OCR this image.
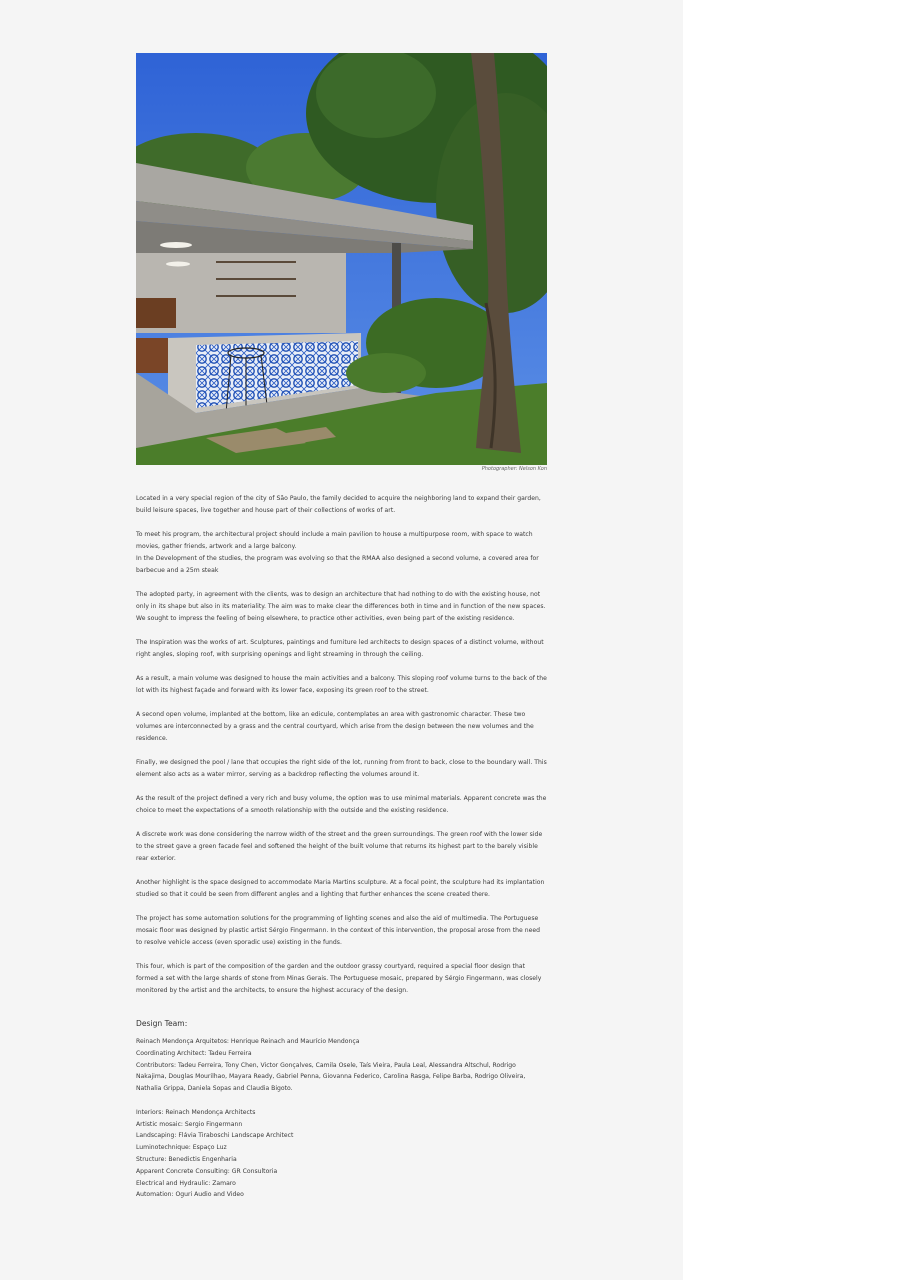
Photographer: Nelson Kon

Located in a very special region of the city of São Paulo, the family decided to acquire the neighboring land to expand their garden, build leisure spaces, live together and house part of their collections of works of art.

To meet his program, the architectural project should include a main pavilion to house a multipurpose room, with space to watch movies, gather friends, artwork and a large balcony.
In the Development of the studies, the program was evolving so that the RMAA also designed a second volume, a covered area for barbecue and a 25m steak

The adopted party, in agreement with the clients, was to design an architecture that had nothing to do with the existing house, not only in its shape but also in its materiality. The aim was to make clear the differences both in time and in function of the new spaces. We sought to impress the feeling of being elsewhere, to practice other activities, even being part of the existing residence.

The Inspiration was the works of art. Sculptures, paintings and furniture led architects to design spaces of a distinct volume, without right angles, sloping roof, with surprising openings and light streaming in through the ceiling.

As a result, a main volume was designed to house the main activities and a balcony. This sloping roof volume turns to the back of the lot with its highest façade and forward with its lower face, exposing its green roof to the street.

A second open volume, implanted at the bottom, like an edicule, contemplates an area with gastronomic character. These two volumes are interconnected by a grass and the central courtyard, which arise from the design between the new volumes and the residence.

Finally, we designed the pool / lane that occupies the right side of the lot, running from front to back, close to the boundary wall. This element also acts as a water mirror, serving as a backdrop reflecting the volumes around it.

As the result of the project defined a very rich and busy volume, the option was to use minimal materials. Apparent concrete was the choice to meet the expectations of a smooth relationship with the outside and the existing residence.

A discrete work was done considering the narrow width of the street and the green surroundings. The green roof with the lower side to the street gave a green facade feel and softened the height of the built volume that returns its highest part to the barely visible rear exterior.

Another highlight is the space designed to accommodate Maria Martins sculpture. At a focal point, the sculpture had its implantation studied so that it could be seen from different angles and a lighting that further enhances the scene created there.

The project has some automation solutions for the programming of lighting scenes and also the aid of multimedia. The Portuguese mosaic floor was designed by plastic artist Sérgio Fingermann. In the context of this intervention, the proposal arose from the need to resolve vehicle access (even sporadic use) existing in the funds.

This four, which is part of the composition of the garden and the outdoor grassy courtyard, required a special floor design that formed a set with the large shards of stone from Minas Gerais. The Portuguese mosaic, prepared by Sérgio Fingermann, was closely monitored by the artist and the architects, to ensure the highest accuracy of the design.

Design Team:
Reinach Mendonça Arquitetos: Henrique Reinach and Maurício Mendonça
Coordinating Architect: Tadeu Ferreira
Contributors: Tadeu Ferreira, Tony Chen, Victor Gonçalves, Camila Osele, Taís Vieira, Paula Leal, Alessandra Altschul, Rodrigo
Nakajima, Douglas Mourilhao, Mayara Ready, Gabriel Penna, Giovanna Federico, Carolina Rasga, Felipe Barba, Rodrigo Oliveira,
Nathalia Grippa, Daniela Sopas and Claudia Bigoto.
Interiors: Reinach Mendonça Architects
Artistic mosaic: Sergio Fingermann
Landscaping: Flávia Tiraboschi Landscape Architect
Luminotechnique: Espaço Luz
Structure: Benedictis Engenharia
Apparent Concrete Consulting: GR Consultoria
Electrical and Hydraulic: Zamaro
Automation: Oguri Audio and Video
